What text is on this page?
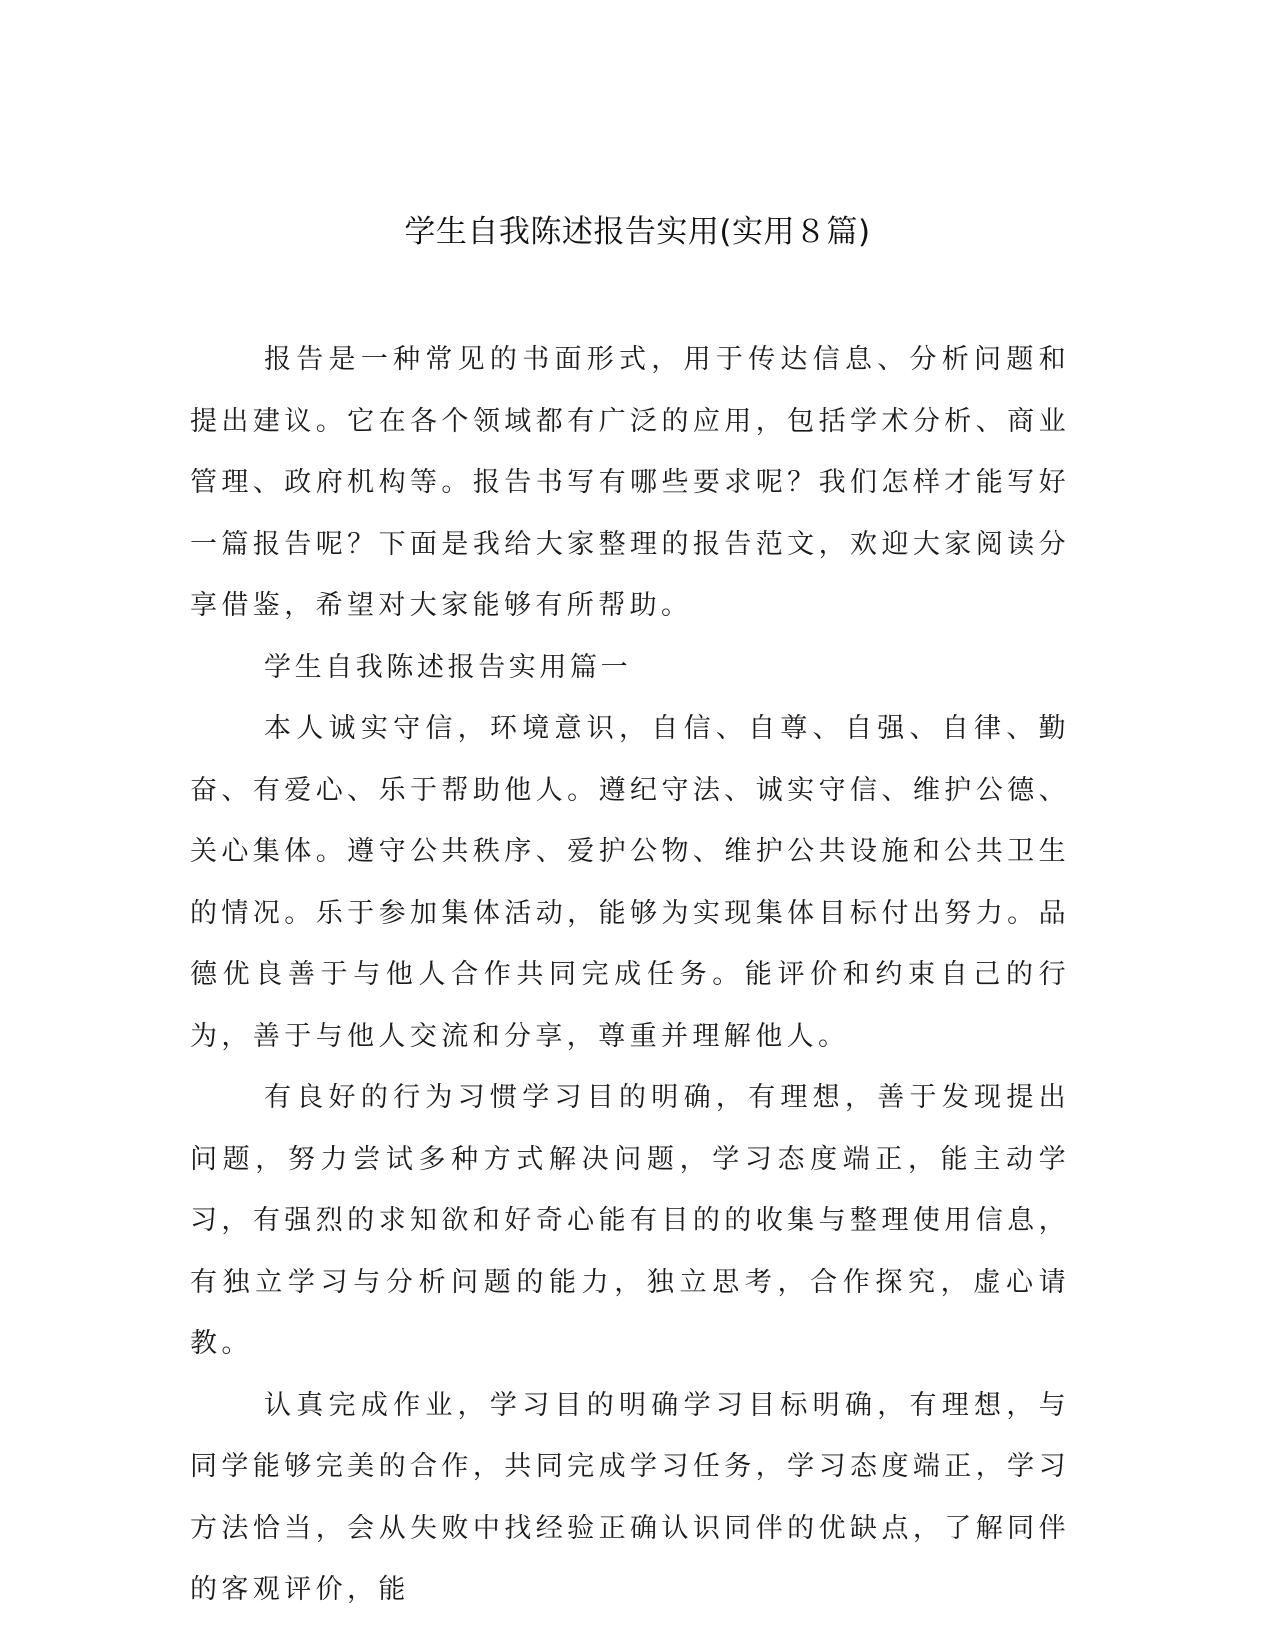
学生自我陈述报告实用(实用８篇)

报告是一种常见的书面形式，用于传达信息、分析问题和提出建议。它在各个领域都有广泛的应用，包括学术分析、商业管理、政府机构等。报告书写有哪些要求呢？我们怎样才能写好一篇报告呢？下面是我给大家整理的报告范文，欢迎大家阅读分享借鉴，希望对大家能够有所帮助。

学生自我陈述报告实用篇一

本人诚实守信，环境意识，自信、自尊、自强、自律、勤奋、有爱心、乐于帮助他人。遵纪守法、诚实守信、维护公德、关心集体。遵守公共秩序、爱护公物、维护公共设施和公共卫生的情况。乐于参加集体活动，能够为实现集体目标付出努力。品德优良善于与他人合作共同完成任务。能评价和约束自己的行为，善于与他人交流和分享，尊重并理解他人。

有良好的行为习惯学习目的明确，有理想，善于发现提出问题，努力尝试多种方式解决问题，学习态度端正，能主动学习，有强烈的求知欲和好奇心能有目的的收集与整理使用信息，有独立学习与分析问题的能力，独立思考，合作探究，虚心请教。

认真完成作业，学习目的明确学习目标明确，有理想，与同学能够完美的合作，共同完成学习任务，学习态度端正，学习方法恰当，会从失败中找经验正确认识同伴的优缺点，了解同伴的客观评价，能
